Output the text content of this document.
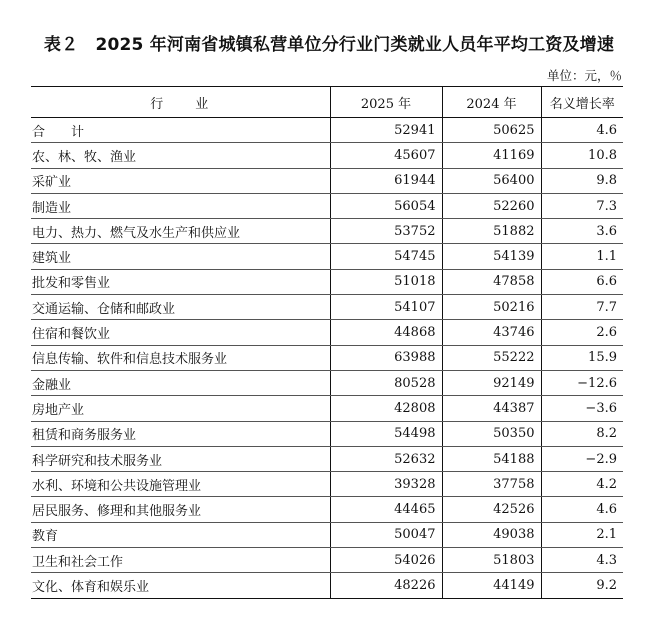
表２　2025 年河南省城镇私营单位分行业门类就业人员年平均工资及增速
单位：元，％
行　　业	2025 年	2024 年	名义增长率
合　　计	52941	50625	4.6
农、林、牧、渔业	45607	41169	10.8
采矿业	61944	56400	9.8
制造业	56054	52260	7.3
电力、热力、燃气及水生产和供应业	53752	51882	3.6
建筑业	54745	54139	1.1
批发和零售业	51018	47858	6.6
交通运输、仓储和邮政业	54107	50216	7.7
住宿和餐饮业	44868	43746	2.6
信息传输、软件和信息技术服务业	63988	55222	15.9
金融业	80528	92149	−12.6
房地产业	42808	44387	−3.6
租赁和商务服务业	54498	50350	8.2
科学研究和技术服务业	52632	54188	−2.9
水利、环境和公共设施管理业	39328	37758	4.2
居民服务、修理和其他服务业	44465	42526	4.6
教育	50047	49038	2.1
卫生和社会工作	54026	51803	4.3
文化、体育和娱乐业	48226	44149	9.2
